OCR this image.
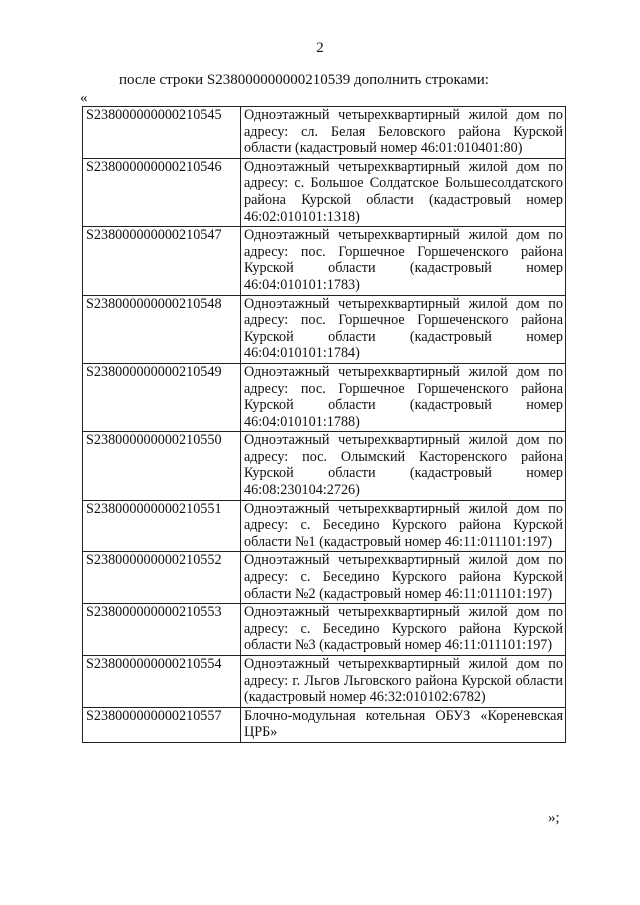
2
после строки S238000000000210539 дополнить строками:
«
S238000000000210545	Одноэтажный четырехквартирный жилой дом по адресу: сл. Белая Беловского района Курской области (кадастровый номер 46:01:010401:80)
S238000000000210546	Одноэтажный четырехквартирный жилой дом по адресу: с. Большое Солдатское Большесолдатского района Курской области (кадастровый номер 46:02:010101:1318)
S238000000000210547	Одноэтажный четырехквартирный жилой дом по адресу: пос. Горшечное Горшеченского района Курской области (кадастровый номер 46:04:010101:1783)
S238000000000210548	Одноэтажный четырехквартирный жилой дом по адресу: пос. Горшечное Горшеченского района Курской области (кадастровый номер 46:04:010101:1784)
S238000000000210549	Одноэтажный четырехквартирный жилой дом по адресу: пос. Горшечное Горшеченского района Курской области (кадастровый номер 46:04:010101:1788)
S238000000000210550	Одноэтажный четырехквартирный жилой дом по адресу: пос. Олымский Касторенского района Курской области (кадастровый номер 46:08:230104:2726)
S238000000000210551	Одноэтажный четырехквартирный жилой дом по адресу: с. Беседино Курского района Курской области №1 (кадастровый номер 46:11:011101:197)
S238000000000210552	Одноэтажный четырехквартирный жилой дом по адресу: с. Беседино Курского района Курской области №2 (кадастровый номер 46:11:011101:197)
S238000000000210553	Одноэтажный четырехквартирный жилой дом по адресу: с. Беседино Курского района Курской области №3 (кадастровый номер 46:11:011101:197)
S238000000000210554	Одноэтажный четырехквартирный жилой дом по адресу: г. Льгов Льговского района Курской области (кадастровый номер 46:32:010102:6782)
S238000000000210557	Блочно-модульная котельная ОБУЗ «Кореневская ЦРБ»
»;
